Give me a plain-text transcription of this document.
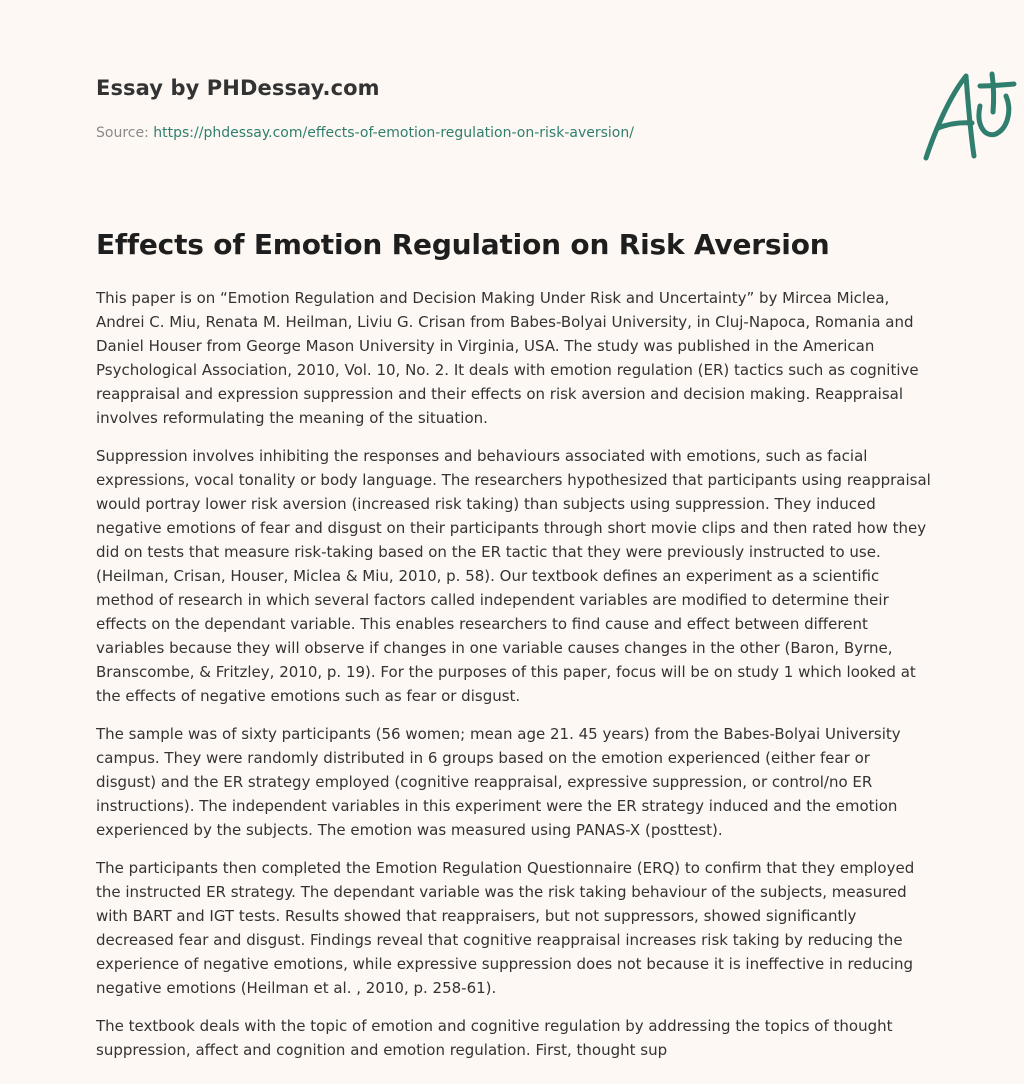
Essay by PHDessay.com
Source: https://phdessay.com/effects-of-emotion-regulation-on-risk-aversion/
Effects of Emotion Regulation on Risk Aversion

This paper is on “Emotion Regulation and Decision Making Under Risk and Uncertainty” by Mircea Miclea, Andrei C. Miu, Renata M. Heilman, Liviu G. Crisan from Babes-Bolyai University, in Cluj-Napoca, Romania and Daniel Houser from George Mason University in Virginia, USA. The study was published in the American Psychological Association, 2010, Vol. 10, No. 2. It deals with emotion regulation (ER) tactics such as cognitive reappraisal and expression suppression and their effects on risk aversion and decision making. Reappraisal involves reformulating the meaning of the situation.

Suppression involves inhibiting the responses and behaviours associated with emotions, such as facial expressions, vocal tonality or body language. The researchers hypothesized that participants using reappraisal would portray lower risk aversion (increased risk taking) than subjects using suppression. They induced negative emotions of fear and disgust on their participants through short movie clips and then rated how they did on tests that measure risk-taking based on the ER tactic that they were previously instructed to use. (Heilman, Crisan, Houser, Miclea & Miu, 2010, p. 58). Our textbook defines an experiment as a scientific method of research in which several factors called independent variables are modified to determine their effects on the dependant variable. This enables researchers to find cause and effect between different variables because they will observe if changes in one variable causes changes in the other (Baron, Byrne, Branscombe, & Fritzley, 2010, p. 19). For the purposes of this paper, focus will be on study 1 which looked at the effects of negative emotions such as fear or disgust.

The sample was of sixty participants (56 women; mean age 21. 45 years) from the Babes-Bolyai University campus. They were randomly distributed in 6 groups based on the emotion experienced (either fear or disgust) and the ER strategy employed (cognitive reappraisal, expressive suppression, or control/no ER instructions). The independent variables in this experiment were the ER strategy induced and the emotion experienced by the subjects. The emotion was measured using PANAS-X (posttest).

The participants then completed the Emotion Regulation Questionnaire (ERQ) to confirm that they employed the instructed ER strategy. The dependant variable was the risk taking behaviour of the subjects, measured with BART and IGT tests. Results showed that reappraisers, but not suppressors, showed significantly decreased fear and disgust. Findings reveal that cognitive reappraisal increases risk taking by reducing the experience of negative emotions, while expressive suppression does not because it is ineffective in reducing negative emotions (Heilman et al. , 2010, p. 258-61).

The textbook deals with the topic of emotion and cognitive regulation by addressing the topics of thought suppression, affect and cognition and emotion regulation. First, thought sup
